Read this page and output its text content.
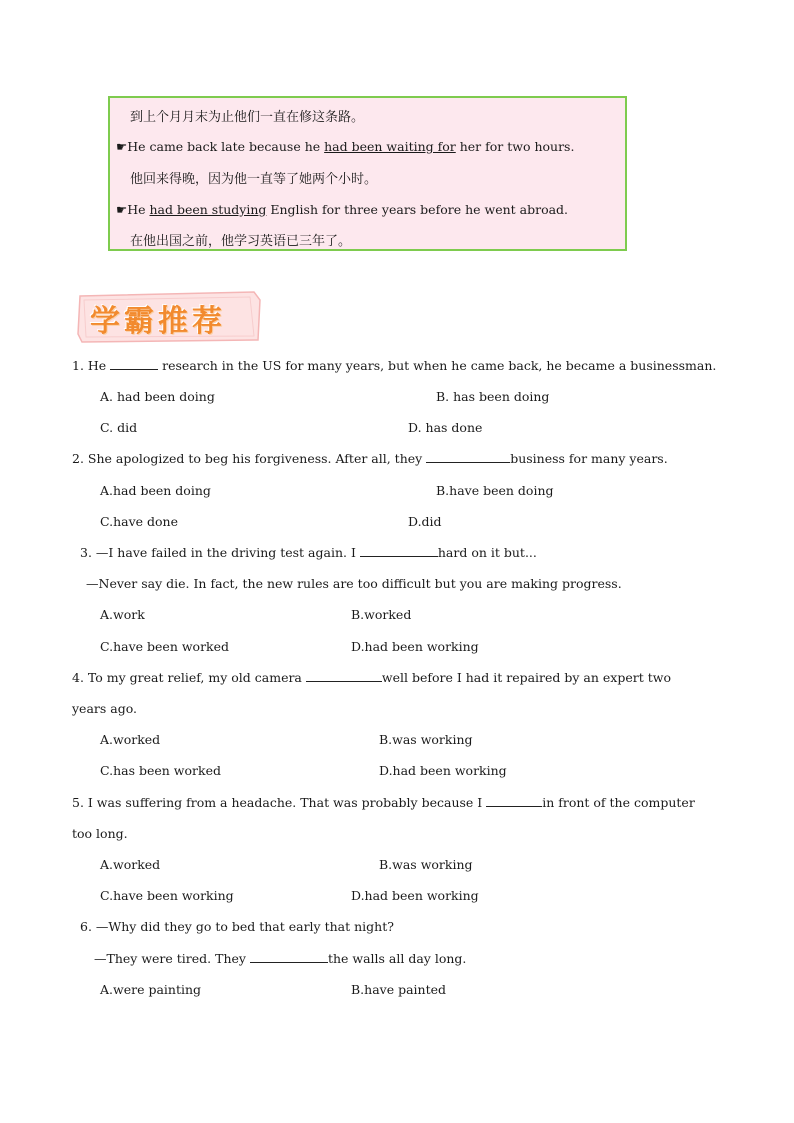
到上个月月末为止他们一直在修这条路。
☛He came back late because he had been waiting for her for two hours.
他回来得晚，因为他一直等了她两个小时。
☛He had been studying English for three years before he went abroad.
在他出国之前，他学习英语已三年了。
学霸推荐
1. He	research in the US for many years, but when he came back, he became a businessman.
A. had been doing	B. has been doing
C. did	D. has done
2. She apologized to beg his forgiveness. After all, they	business for many years.
A.had been doing	B.have been doing
C.have done	D.did
3. —I have failed in the driving test again. I	hard on it but...
—Never say die. In fact, the new rules are too difficult but you are making progress.
A.work	B.worked
C.have been worked	D.had been working
4. To my great relief, my old camera	well before I had it repaired by an expert two
years ago.
A.worked	B.was working
C.has been worked	D.had been working
5. I was suffering from a headache. That was probably because I	in front of the computer
too long.
A.worked	B.was working
C.have been working	D.had been working
6. —Why did they go to bed that early that night?
—They were tired. They	the walls all day long.
A.were painting	B.have painted
